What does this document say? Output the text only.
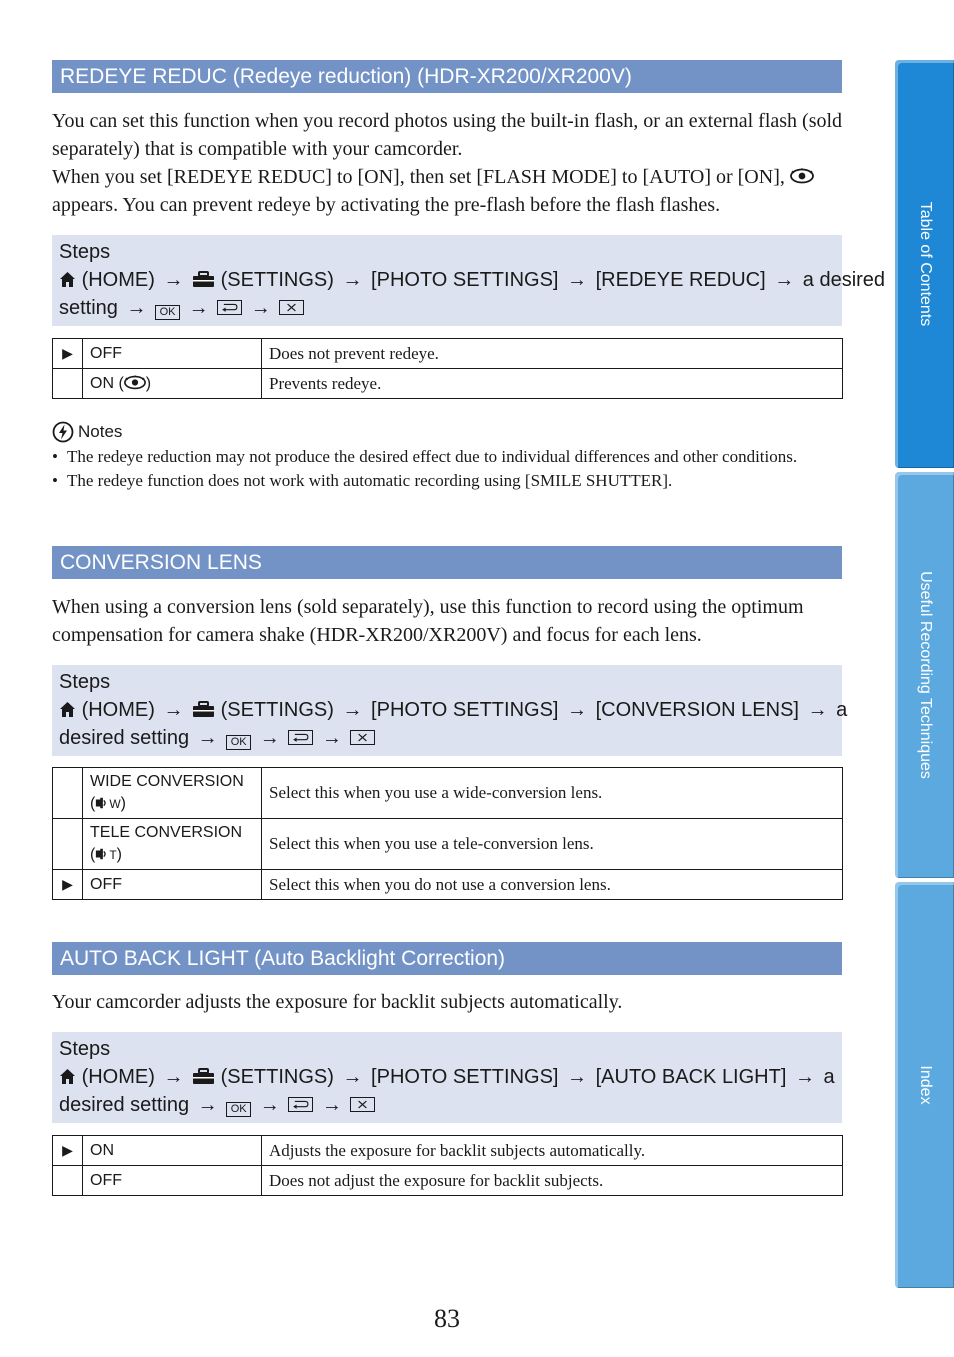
REDEYE REDUC (Redeye reduction) (HDR-XR200/XR200V)

You can set this function when you record photos using the built-in flash, or an external flash (sold separately) that is compatible with your camcorder.

When you set [REDEYE REDUC] to [ON], then set [FLASH MODE] to [AUTO] or [ON],  appears. You can prevent redeye by activating the pre-flash before the flash flashes.

Steps
(HOME) → (SETTINGS) → [PHOTO SETTINGS] → [REDEYE REDUC] → a desired
setting → OK → →
▶	OFF	Does not prevent redeye.
	ON ( )	Prevents redeye.
Notes
• The redeye reduction may not produce the desired effect due to individual differences and other conditions.
• The redeye function does not work with automatic recording using [SMILE SHUTTER].
CONVERSION LENS

When using a conversion lens (sold separately), use this function to record using the optimum compensation for camera shake (HDR-XR200/XR200V) and focus for each lens.

Steps
(HOME) → (SETTINGS) → [PHOTO SETTINGS] → [CONVERSION LENS] → a
desired setting → OK → →

	WIDE CONVERSION
( W)	Select this when you use a wide-conversion lens.

	TELE CONVERSION
( T)	Select this when you use a tele-conversion lens.
▶	OFF	Select this when you do not use a conversion lens.
AUTO BACK LIGHT (Auto Backlight Correction)

Your camcorder adjusts the exposure for backlit subjects automatically.

Steps
(HOME) → (SETTINGS) → [PHOTO SETTINGS] → [AUTO BACK LIGHT] → a
desired setting → OK → →
▶	ON	Adjusts the exposure for backlit subjects automatically.
	OFF	Does not adjust the exposure for backlit subjects.
Table of Contents
Useful Recording Techniques
Index
83
